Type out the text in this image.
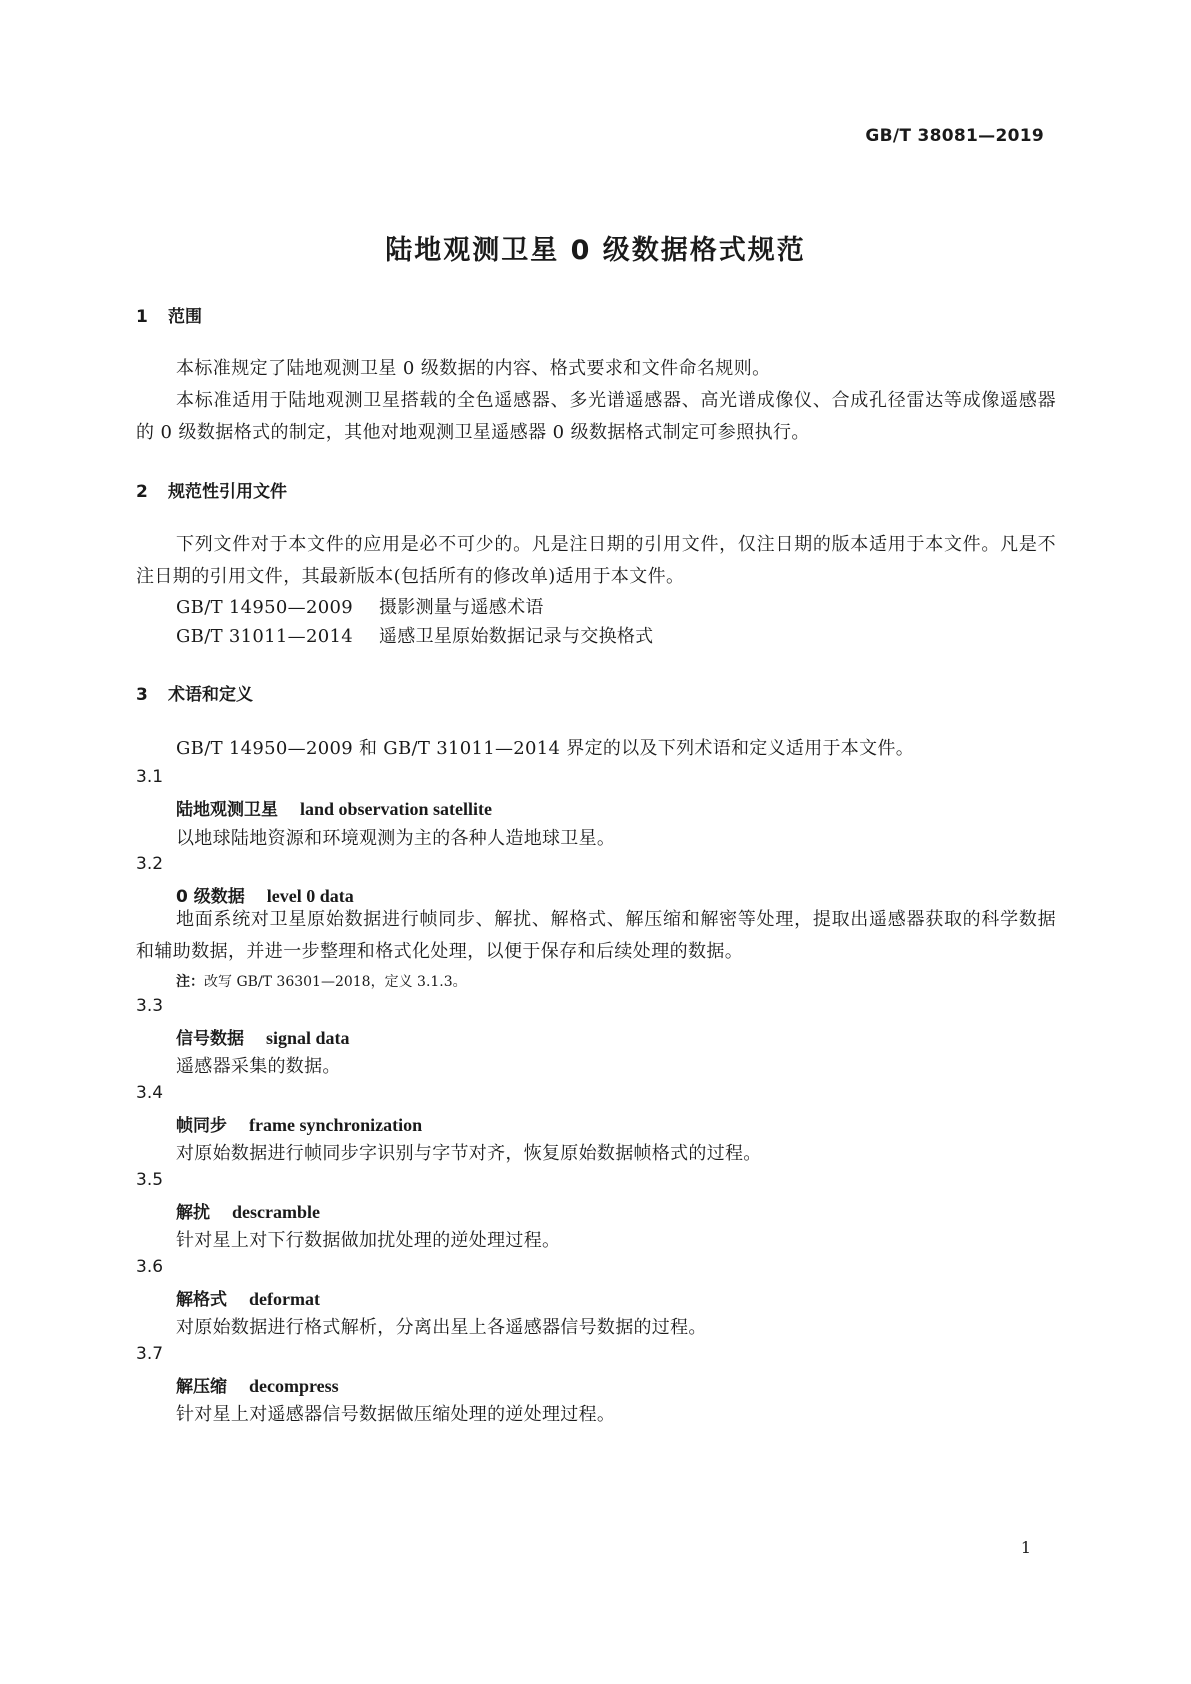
GB/T 38081—2019
陆地观测卫星 0 级数据格式规范
1 范围
本标准规定了陆地观测卫星 0 级数据的内容、格式要求和文件命名规则。
本标准适用于陆地观测卫星搭载的全色遥感器、多光谱遥感器、高光谱成像仪、合成孔径雷达等成像遥感器的 0 级数据格式的制定，其他对地观测卫星遥感器 0 级数据格式制定可参照执行。
2 规范性引用文件
下列文件对于本文件的应用是必不可少的。凡是注日期的引用文件，仅注日期的版本适用于本文件。凡是不注日期的引用文件，其最新版本(包括所有的修改单)适用于本文件。
GB/T 14950—2009 摄影测量与遥感术语
GB/T 31011—2014 遥感卫星原始数据记录与交换格式
3 术语和定义
GB/T 14950—2009 和 GB/T 31011—2014 界定的以及下列术语和定义适用于本文件。
3.1
陆地观测卫星 land observation satellite
以地球陆地资源和环境观测为主的各种人造地球卫星。
3.2
0 级数据 level 0 data
地面系统对卫星原始数据进行帧同步、解扰、解格式、解压缩和解密等处理，提取出遥感器获取的科学数据和辅助数据，并进一步整理和格式化处理，以便于保存和后续处理的数据。
注：改写 GB/T 36301—2018，定义 3.1.3。
3.3
信号数据 signal data
遥感器采集的数据。
3.4
帧同步 frame synchronization
对原始数据进行帧同步字识别与字节对齐，恢复原始数据帧格式的过程。
3.5
解扰 descramble
针对星上对下行数据做加扰处理的逆处理过程。
3.6
解格式 deformat
对原始数据进行格式解析，分离出星上各遥感器信号数据的过程。
3.7
解压缩 decompress
针对星上对遥感器信号数据做压缩处理的逆处理过程。
1
